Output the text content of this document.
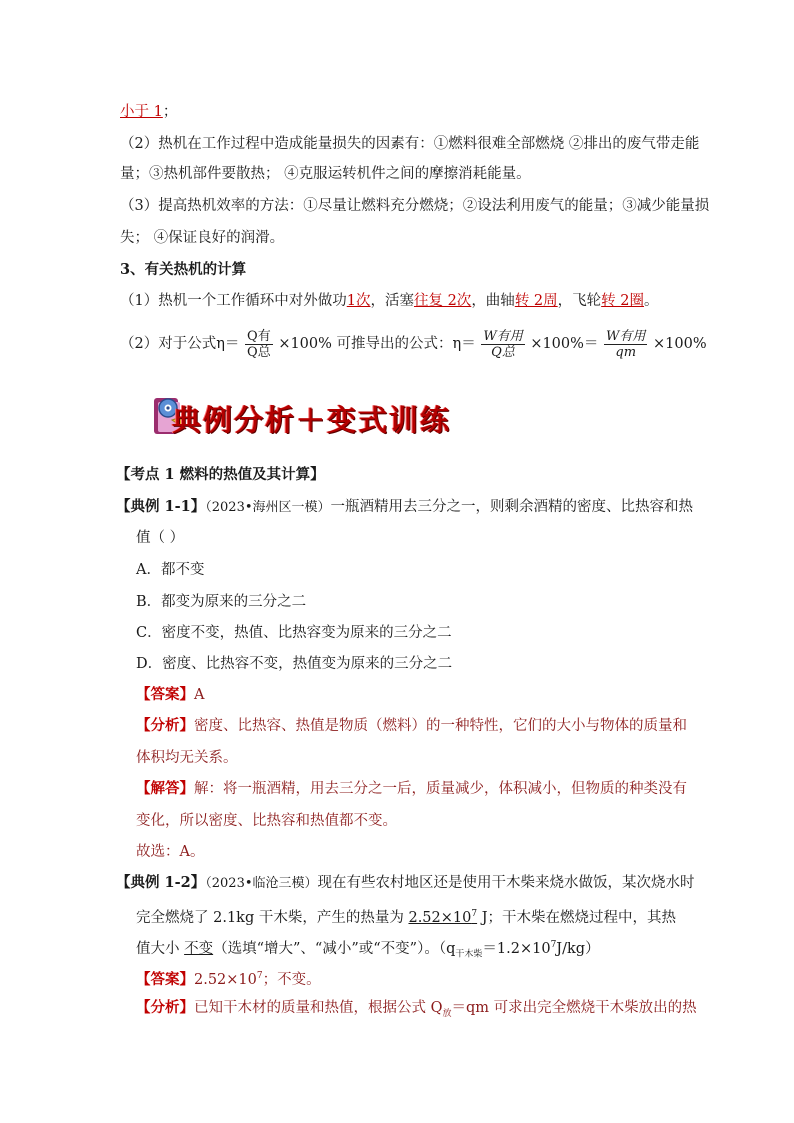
小于 1；
（2）热机在工作过程中造成能量损失的因素有：①燃料很难全部燃烧 ②排出的废气带走能
量；③热机部件要散热； ④克服运转机件之间的摩擦消耗能量。
（3）提高热机效率的方法：①尽量让燃料充分燃烧；②设法利用废气的能量；③减少能量损
失； ④保证良好的润滑。
3、有关热机的计算
（1）热机一个工作循环中对外做功1次，活塞往复 2次，曲轴转 2周，飞轮转 2圈。
（2）对于公式$\eta= \frac{\text{Q有}}{\text{Q总}} \times 100\%$ 可推导出的公式：$\eta= \frac{\text{W有用}}{\text{Q总}} \times 100\%= \frac{\text{W有用}}{qm} \times 100\%$
典例分析＋变式训练
【考点 1 燃料的热值及其计算】
【典例 1-1】（2023•海州区一模）一瓶酒精用去三分之一，则剩余酒精的密度、比热容和热
值（ ）
A．都不变
B．都变为原来的三分之二
C．密度不变，热值、比热容变为原来的三分之二
D．密度、比热容不变，热值变为原来的三分之二
【答案】A
【分析】密度、比热容、热值是物质（燃料）的一种特性，它们的大小与物体的质量和
体积均无关系。
【解答】解：将一瓶酒精，用去三分之一后，质量减少，体积减小，但物质的种类没有
变化，所以密度、比热容和热值都不变。
故选：A。
【典例 1-2】（2023•临沧三模）现在有些农村地区还是使用干木柴来烧水做饭，某次烧水时
完全燃烧了 2.1kg 干木柴，产生的热量为 $2.52\times 10^7$ J；干木柴在燃烧过程中，其热
值大小 不变（选填“增大”、“减小”或“不变”）。$(q_{干木柴}=1.2\times 10^7J/kg)$
【答案】$2.52\times 10^7$；不变。
【分析】已知干木材的质量和热值，根据公式 $Q_放=qm$ 可求出完全燃烧干木柴放出的热
